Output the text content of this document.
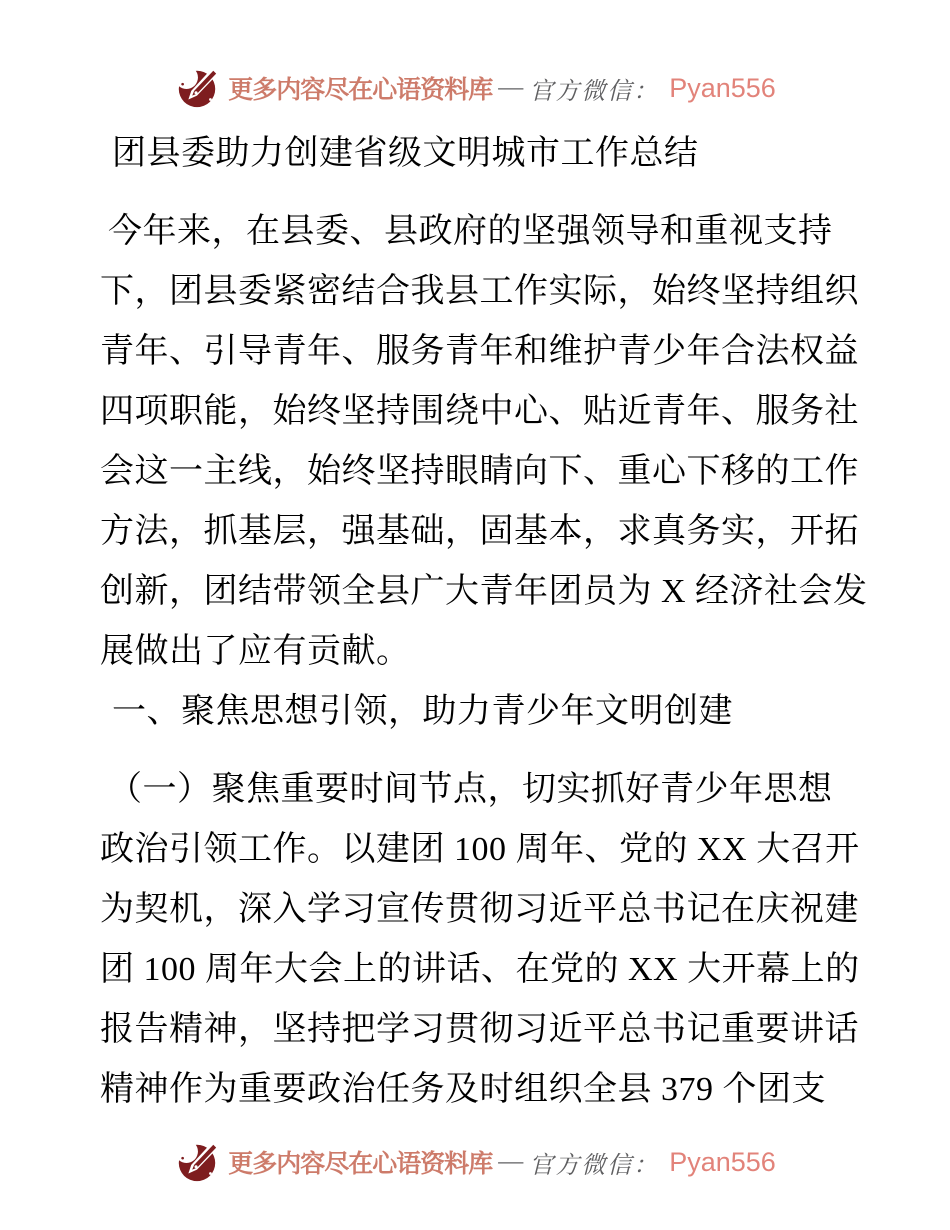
更多内容尽在心语资料库 — 官方微信： Pyan556
团县委助力创建省级文明城市工作总结
今年来，在县委、县政府的坚强领导和重视支持
下，团县委紧密结合我县工作实际，始终坚持组织
青年、引导青年、服务青年和维护青少年合法权益
四项职能，始终坚持围绕中心、贴近青年、服务社
会这一主线，始终坚持眼睛向下、重心下移的工作
方法，抓基层，强基础，固基本，求真务实，开拓
创新，团结带领全县广大青年团员为 X 经济社会发
展做出了应有贡献。
一、聚焦思想引领，助力青少年文明创建
（一）聚焦重要时间节点，切实抓好青少年思想
政治引领工作。以建团 100 周年、党的 XX 大召开
为契机，深入学习宣传贯彻习近平总书记在庆祝建
团 100 周年大会上的讲话、在党的 XX 大开幕上的
报告精神，坚持把学习贯彻习近平总书记重要讲话
精神作为重要政治任务及时组织全县 379 个团支
更多内容尽在心语资料库 — 官方微信： Pyan556
